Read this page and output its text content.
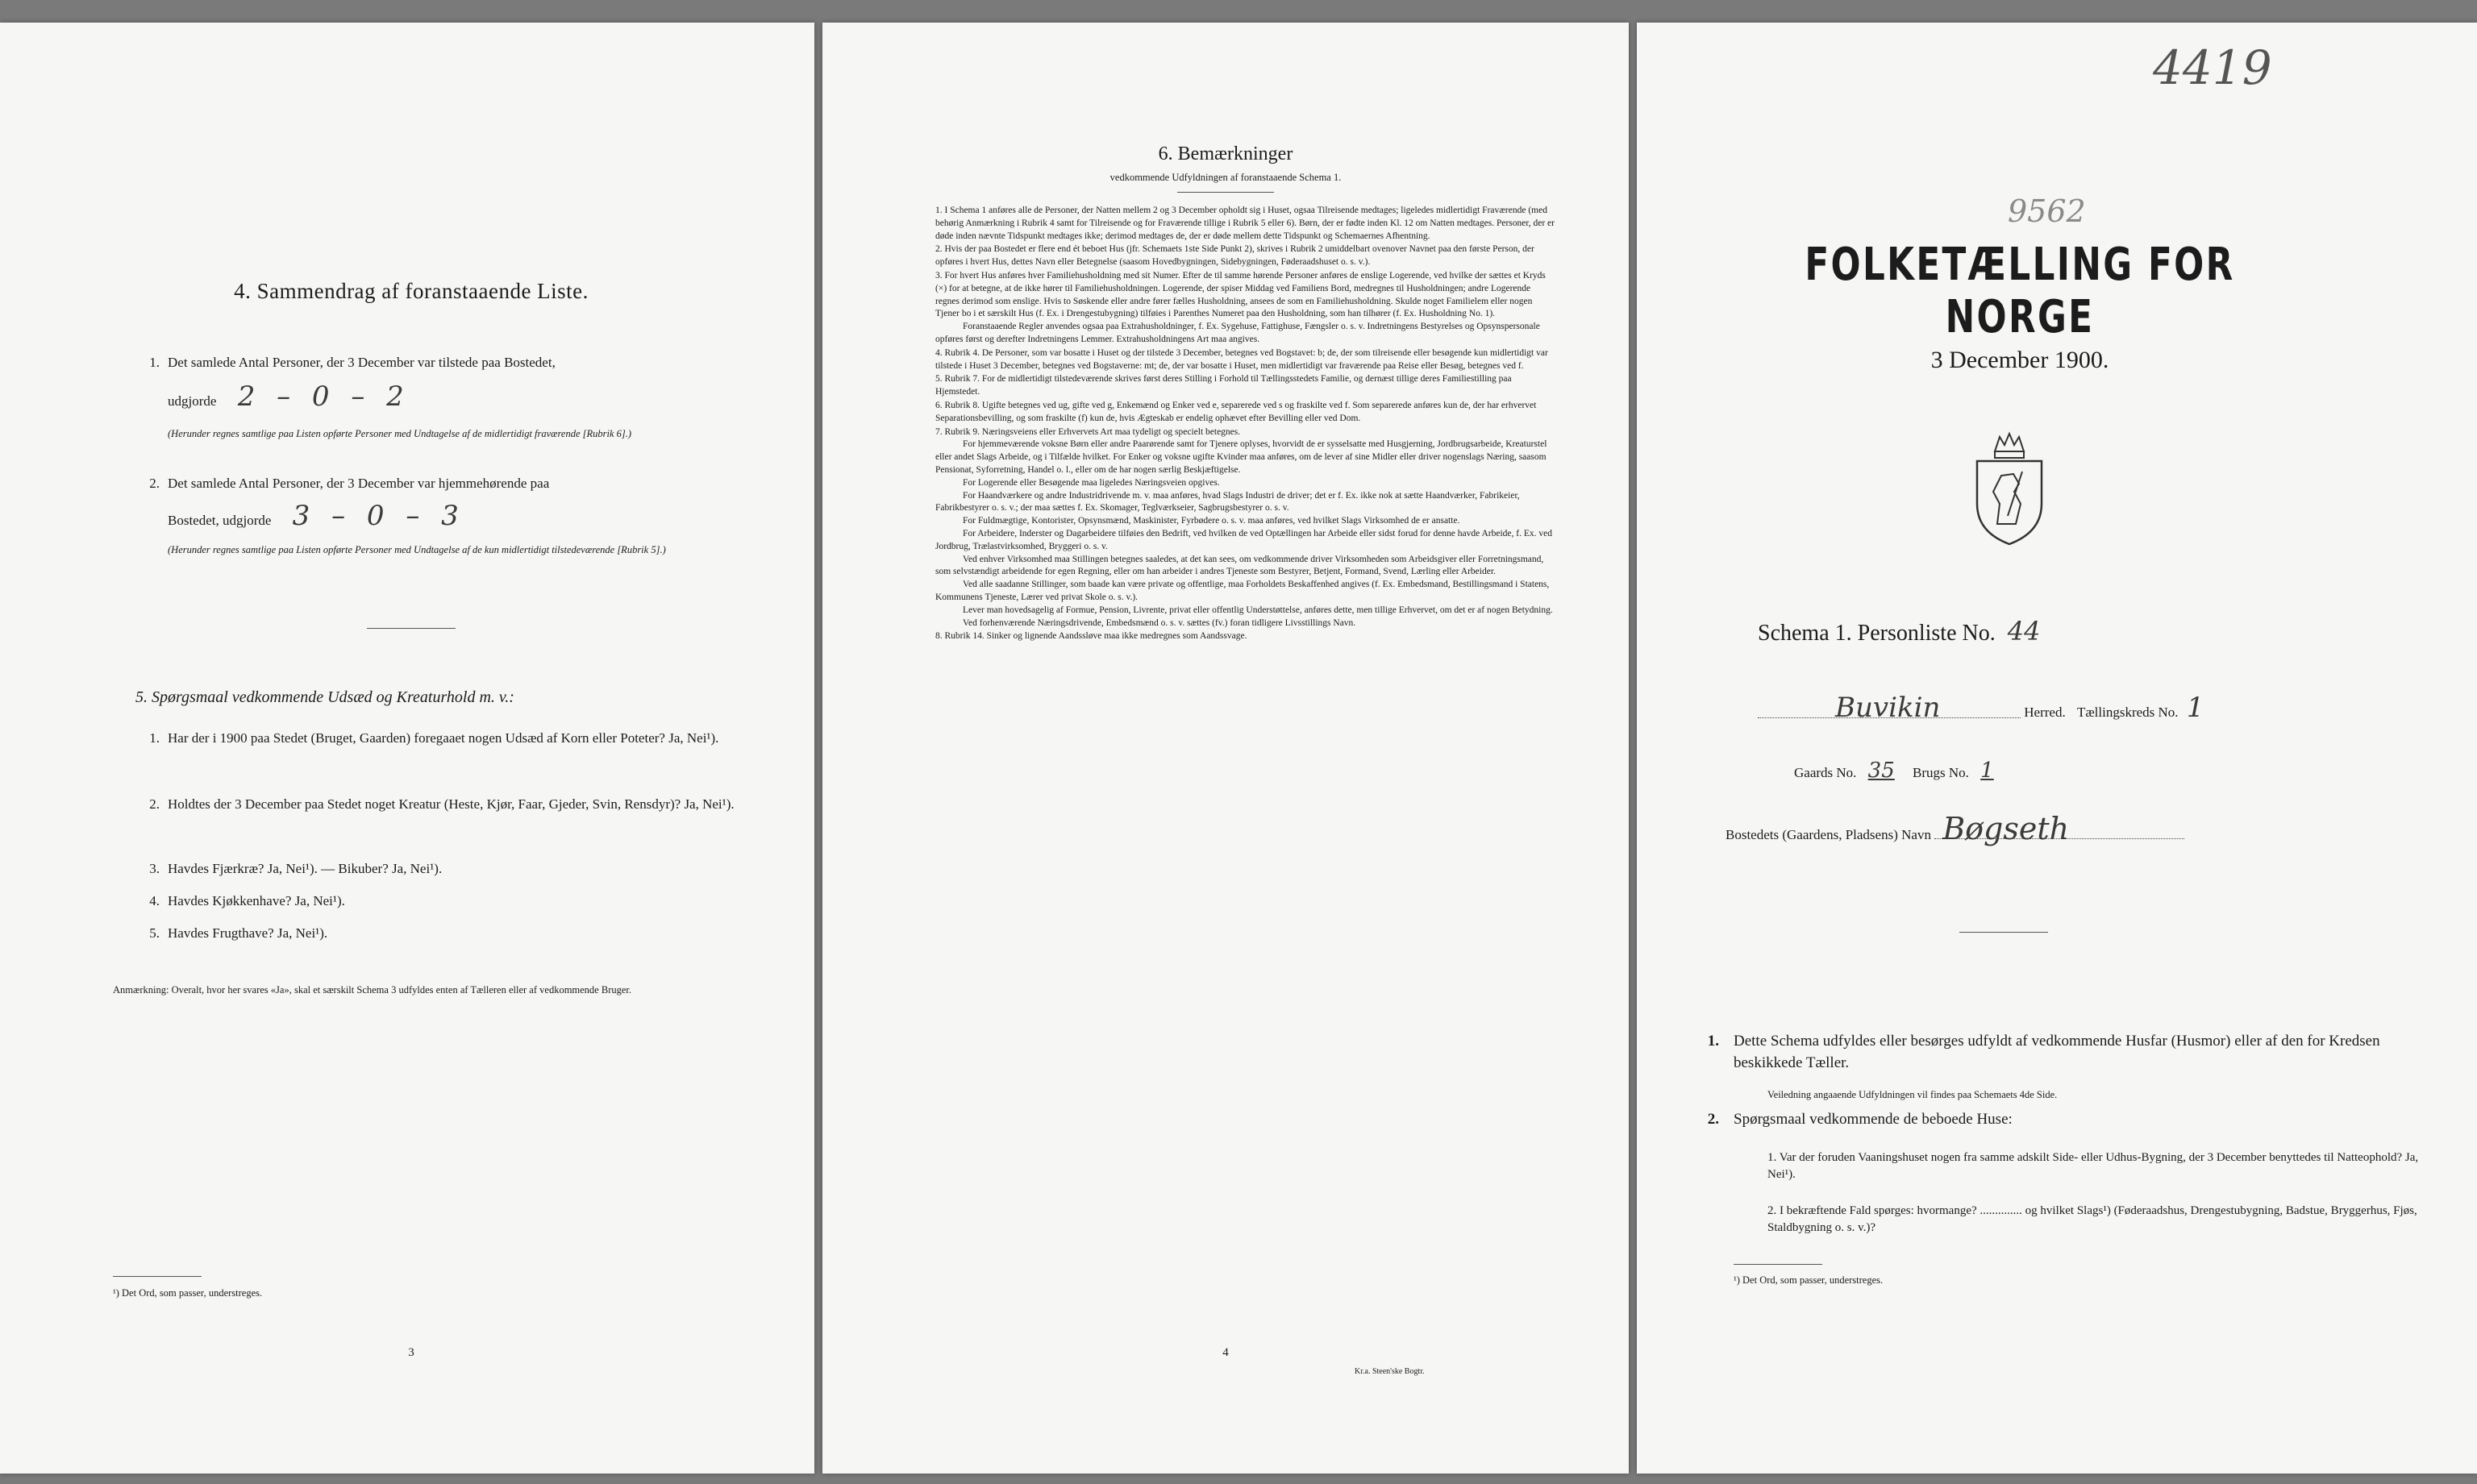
4. Sammendrag af foranstaaende Liste.
1. Det samlede Antal Personer, der 3 December var tilstede paa Bostedet,
udgjorde 2 – 0 – 2
(Herunder regnes samtlige paa Listen opførte Personer med Undtagelse af de midlertidigt fraværende [Rubrik 6].)
2. Det samlede Antal Personer, der 3 December var hjemmehørende paa
Bostedet, udgjorde 3 – 0 – 3
(Herunder regnes samtlige paa Listen opførte Personer med Undtagelse af de kun midlertidigt tilstedeværende [Rubrik 5].)
5. Spørgsmaal vedkommende Udsæd og Kreaturhold m. v.:
1. Har der i 1900 paa Stedet (Bruget, Gaarden) foregaaet nogen Udsæd af Korn eller Poteter? Ja, Nei¹).
2. Holdtes der 3 December paa Stedet noget Kreatur (Heste, Kjør, Faar, Gjeder, Svin, Rensdyr)? Ja, Nei¹).
3. Havdes Fjærkræ? Ja, Nei¹). — Bikuber? Ja, Nei¹).
4. Havdes Kjøkkenhave? Ja, Nei¹).
5. Havdes Frugthave? Ja, Nei¹).
Anmærkning: Overalt, hvor her svares «Ja», skal et særskilt Schema 3 udfyldes enten af Tælleren eller af vedkommende Bruger.
¹) Det Ord, som passer, understreges.
3
6. Bemærkninger
vedkommende Udfyldningen af foranstaaende Schema 1.

1. I Schema 1 anføres alle de Personer, der Natten mellem 2 og 3 December opholdt sig i Huset, ogsaa Tilreisende medtages; ligeledes midlertidigt Fraværende (med behørig Anmærkning i Rubrik 4 samt for Tilreisende og for Fraværende tillige i Rubrik 5 eller 6). Børn, der er fødte inden Kl. 12 om Natten medtages. Personer, der er døde inden nævnte Tidspunkt medtages ikke; derimod medtages de, der er døde mellem dette Tidspunkt og Schemaernes Afhentning.

2. Hvis der paa Bostedet er flere end ét beboet Hus (jfr. Schemaets 1ste Side Punkt 2), skrives i Rubrik 2 umiddelbart ovenover Navnet paa den første Person, der opføres i hvert Hus, dettes Navn eller Betegnelse (saasom Hovedbygningen, Sidebygningen, Føderaadshuset o. s. v.).

3. For hvert Hus anføres hver Familiehusholdning med sit Numer. Efter de til samme hørende Personer anføres de enslige Logerende, ved hvilke der sættes et Kryds (×) for at betegne, at de ikke hører til Familiehusholdningen. Logerende, der spiser Middag ved Familiens Bord, medregnes til Husholdningen; andre Logerende regnes derimod som enslige. Hvis to Søskende eller andre fører fælles Husholdning, ansees de som en Familiehusholdning. Skulde noget Familielem eller nogen Tjener bo i et særskilt Hus (f. Ex. i Drengestubygning) tilføies i Parenthes Numeret paa den Husholdning, som han tilhører (f. Ex. Husholdning No. 1).

Foranstaaende Regler anvendes ogsaa paa Extrahusholdninger, f. Ex. Sygehuse, Fattighuse, Fængsler o. s. v. Indretningens Bestyrelses og Opsynspersonale opføres først og derefter Indretningens Lemmer. Extrahusholdningens Art maa angives.

4. Rubrik 4. De Personer, som var bosatte i Huset og der tilstede 3 December, betegnes ved Bogstavet: b; de, der som tilreisende eller besøgende kun midlertidigt var tilstede i Huset 3 December, betegnes ved Bogstaverne: mt; de, der var bosatte i Huset, men midlertidigt var fraværende paa Reise eller Besøg, betegnes ved f.

5. Rubrik 7. For de midlertidigt tilstedeværende skrives først deres Stilling i Forhold til Tællingsstedets Familie, og dernæst tillige deres Familiestilling paa Hjemstedet.

6. Rubrik 8. Ugifte betegnes ved ug, gifte ved g, Enkemænd og Enker ved e, separerede ved s og fraskilte ved f. Som separerede anføres kun de, der har erhvervet Separationsbevilling, og som fraskilte (f) kun de, hvis Ægteskab er endelig ophævet efter Bevilling eller ved Dom.

7. Rubrik 9. Næringsveiens eller Erhvervets Art maa tydeligt og specielt betegnes.

For hjemmeværende voksne Børn eller andre Paarørende samt for Tjenere oplyses, hvorvidt de er sysselsatte med Husgjerning, Jordbrugsarbeide, Kreaturstel eller andet Slags Arbeide, og i Tilfælde hvilket. For Enker og voksne ugifte Kvinder maa anføres, om de lever af sine Midler eller driver nogenslags Næring, saasom Pensionat, Syforretning, Handel o. l., eller om de har nogen særlig Beskjæftigelse.

For Logerende eller Besøgende maa ligeledes Næringsveien opgives.

For Haandværkere og andre Industridrivende m. v. maa anføres, hvad Slags Industri de driver; det er f. Ex. ikke nok at sætte Haandværker, Fabrikeier, Fabrikbestyrer o. s. v.; der maa sættes f. Ex. Skomager, Teglværkseier, Sagbrugsbestyrer o. s. v.

For Fuldmægtige, Kontorister, Opsynsmænd, Maskinister, Fyrbødere o. s. v. maa anføres, ved hvilket Slags Virksomhed de er ansatte.

For Arbeidere, Inderster og Dagarbeidere tilføies den Bedrift, ved hvilken de ved Optællingen har Arbeide eller sidst forud for denne havde Arbeide, f. Ex. ved Jordbrug, Trælastvirksomhed, Bryggeri o. s. v.

Ved enhver Virksomhed maa Stillingen betegnes saaledes, at det kan sees, om vedkommende driver Virksomheden som Arbeidsgiver eller Forretningsmand, som selvstændigt arbeidende for egen Regning, eller om han arbeider i andres Tjeneste som Bestyrer, Betjent, Formand, Svend, Lærling eller Arbeider.

Ved alle saadanne Stillinger, som baade kan være private og offentlige, maa Forholdets Beskaffenhed angives (f. Ex. Embedsmand, Bestillingsmand i Statens, Kommunens Tjeneste, Lærer ved privat Skole o. s. v.).

Lever man hovedsagelig af Formue, Pension, Livrente, privat eller offentlig Understøttelse, anføres dette, men tillige Erhvervet, om det er af nogen Betydning.

Ved forhenværende Næringsdrivende, Embedsmænd o. s. v. sættes (fv.) foran tidligere Livsstillings Navn.

8. Rubrik 14. Sinker og lignende Aandssløve maa ikke medregnes som Aandssvage.

4
Kr.a. Steen'ske Bogtr.
4419
9562
FOLKETÆLLING FOR NORGE
3 December 1900.
Schema 1. Personliste No. 44
Buvikin	Herred. Tællingskreds No. 1
Gaards No. 35 Brugs No. 1
Bostedets (Gaardens, Pladsens) Navn Bøgseth
1. Dette Schema udfyldes eller besørges udfyldt af vedkommende Husfar (Husmor) eller af den for Kredsen beskikkede Tæller.
Veiledning angaaende Udfyldningen vil findes paa Schemaets 4de Side.
2. Spørgsmaal vedkommende de beboede Huse:
1. Var der foruden Vaaningshuset nogen fra samme adskilt Side- eller Udhus-Bygning, der 3 December benyttedes til Natteophold? Ja, Nei¹).
2. I bekræftende Fald spørges: hvormange? .............. og hvilket Slags¹) (Føderaadshus, Drengestubygning, Badstue, Bryggerhus, Fjøs, Staldbygning o. s. v.)?
¹) Det Ord, som passer, understreges.
